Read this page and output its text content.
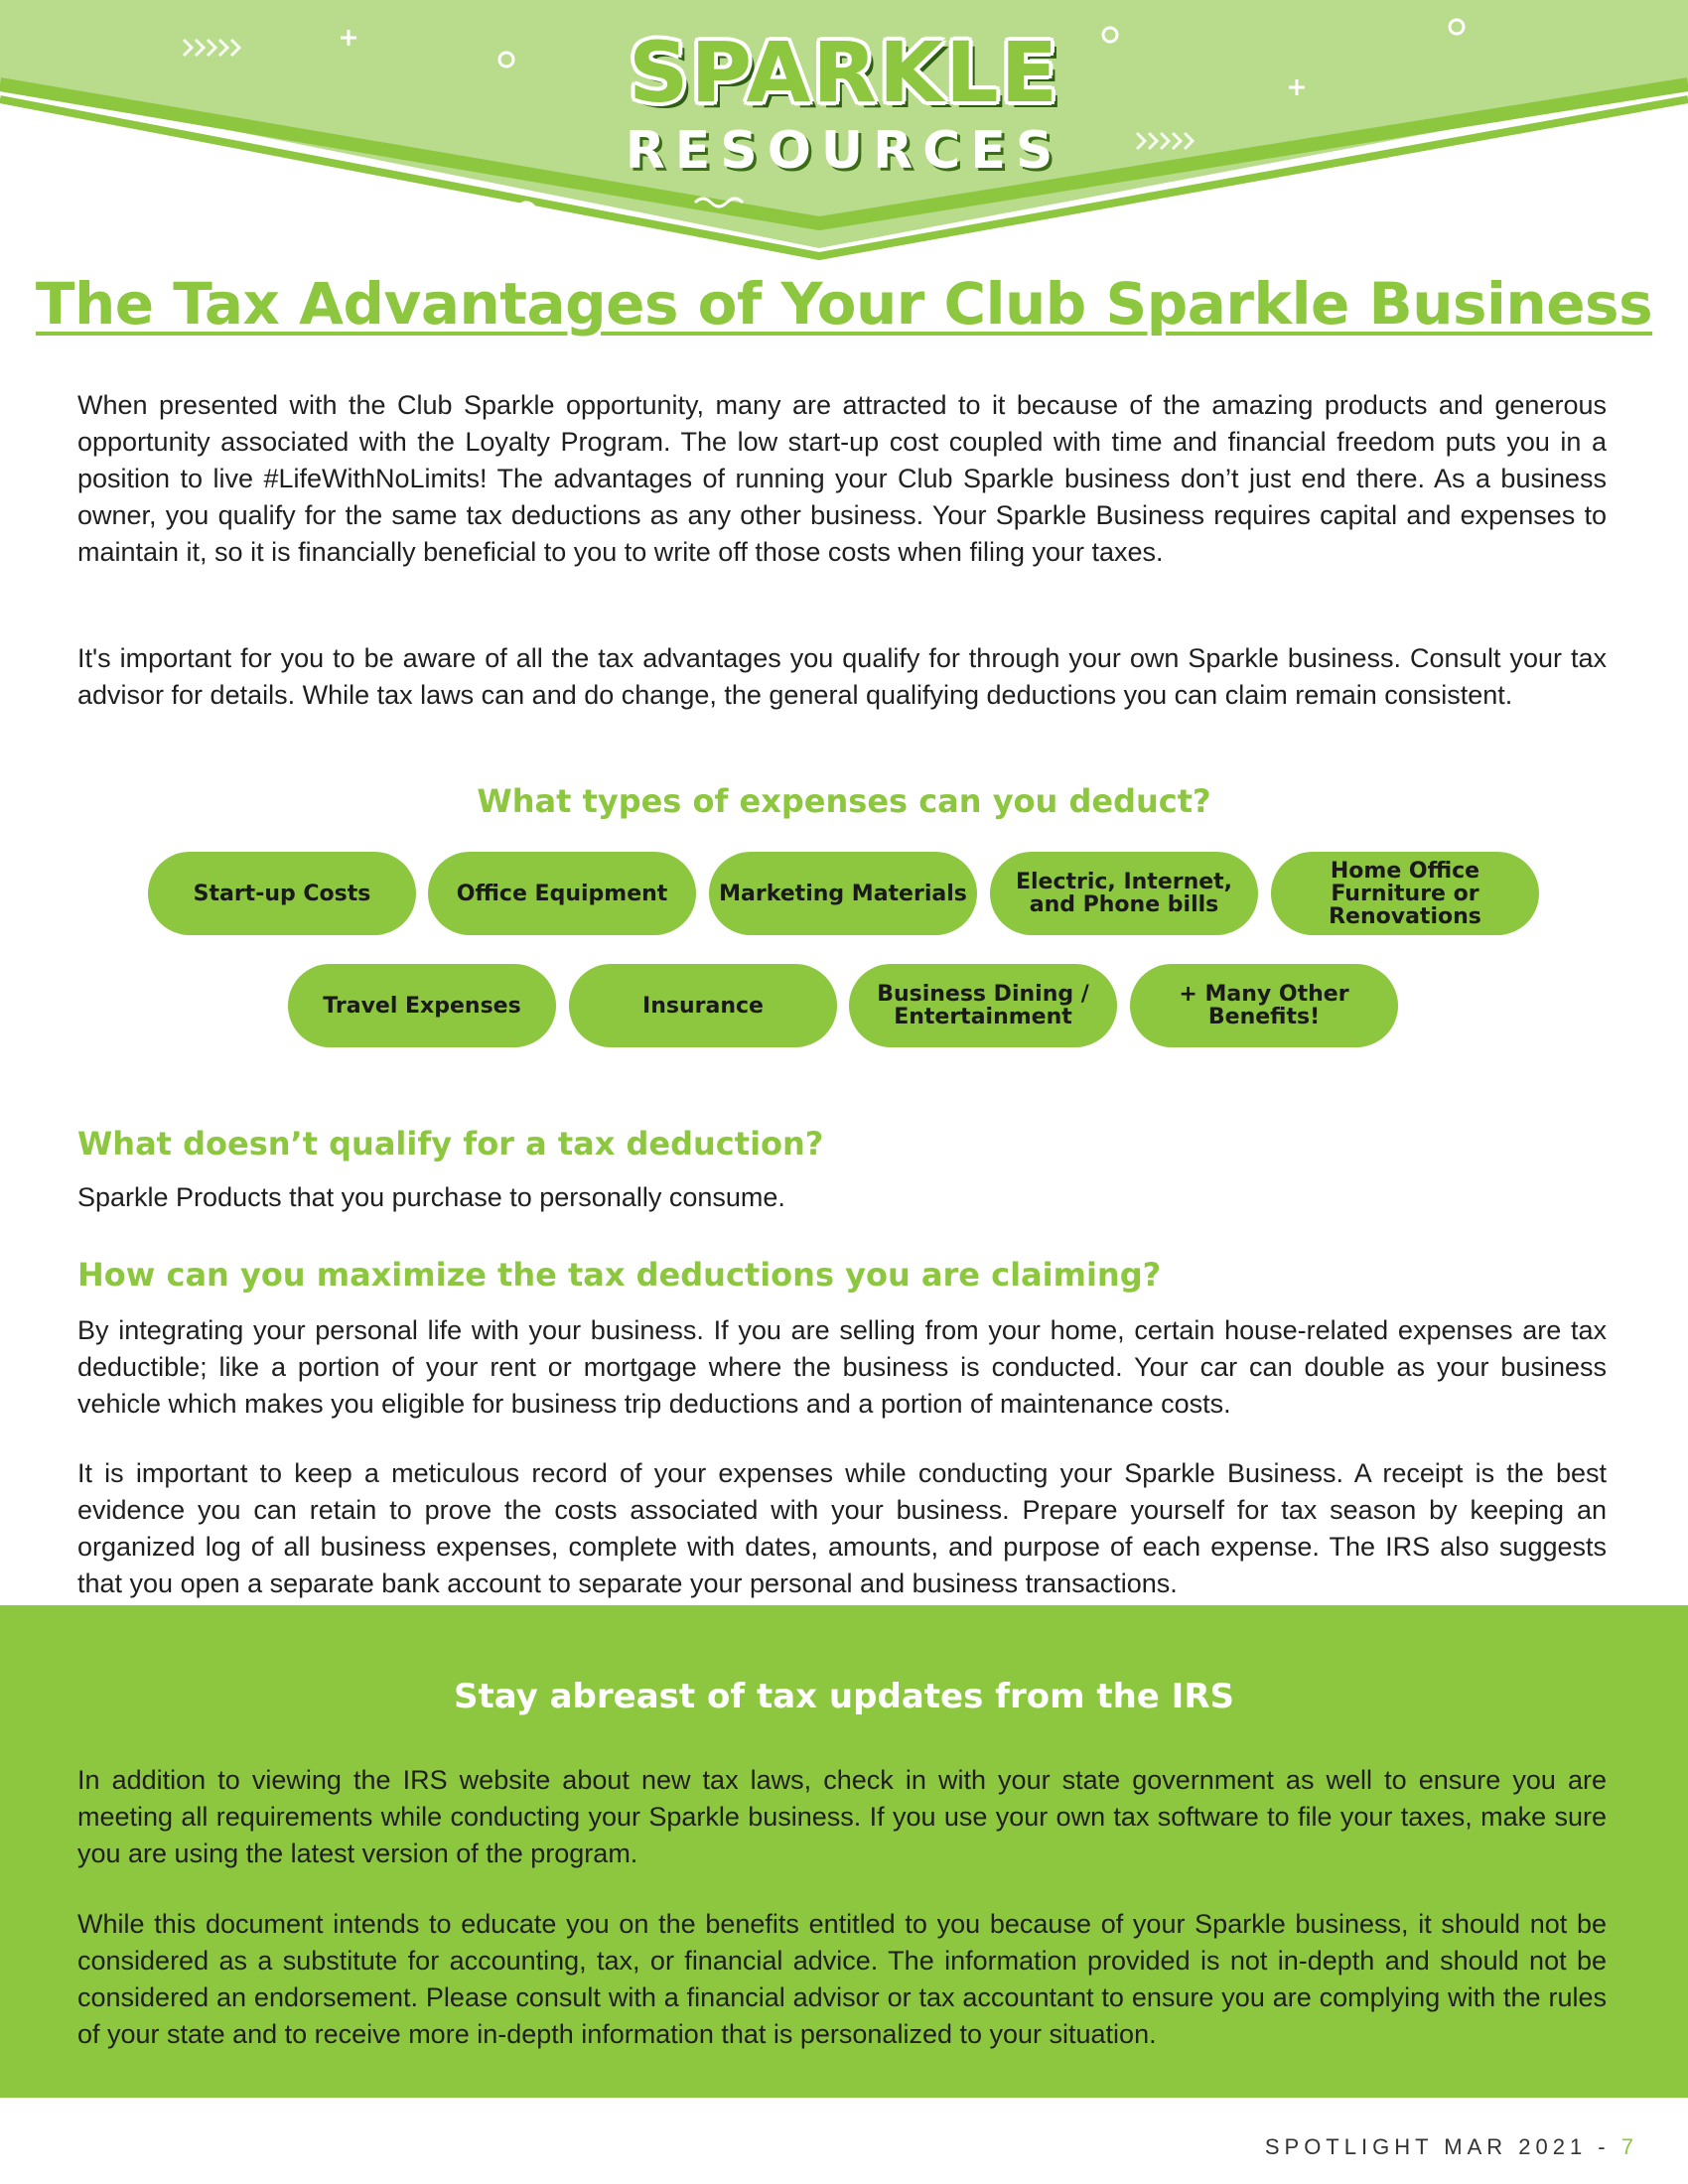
SPARKLE
RESOURCES
The Tax Advantages of Your Club Sparkle Business
When presented with the Club Sparkle opportunity, many are attracted to it because of the amazing products and generous opportunity associated with the Loyalty Program. The low start-up cost coupled with time and financial freedom puts you in a position to live #LifeWithNoLimits! The advantages of running your Club Sparkle business don’t just end there. As a business owner, you qualify for the same tax deductions as any other business. Your Sparkle Business requires capital and expenses to maintain it, so it is financially beneficial to you to write off those costs when filing your taxes.
It's important for you to be aware of all the tax advantages you qualify for through your own Sparkle business. Consult your tax advisor for details. While tax laws can and do change, the general qualifying deductions you can claim remain consistent.
What types of expenses can you deduct?
Start-up Costs	Office Equipment	Marketing Materials	Electric, Internet, and Phone bills
Home Office Furniture or Renovations
Travel Expenses	Insurance	Business Dining / Entertainment
+ Many Other Benefits!
What doesn’t qualify for a tax deduction?
Sparkle Products that you purchase to personally consume.
How can you maximize the tax deductions you are claiming?
By integrating your personal life with your business. If you are selling from your home, certain house-related expenses are tax deductible; like a portion of your rent or mortgage where the business is conducted. Your car can double as your business vehicle which makes you eligible for business trip deductions and a portion of maintenance costs.
It is important to keep a meticulous record of your expenses while conducting your Sparkle Business. A receipt is the best evidence you can retain to prove the costs associated with your business. Prepare yourself for tax season by keeping an organized log of all business expenses, complete with dates, amounts, and purpose of each expense. The IRS also suggests that you open a separate bank account to separate your personal and business transactions.
Stay abreast of tax updates from the IRS
In addition to viewing the IRS website about new tax laws, check in with your state government as well to ensure you are meeting all requirements while conducting your Sparkle business. If you use your own tax software to file your taxes, make sure you are using the latest version of the program.
While this document intends to educate you on the benefits entitled to you because of your Sparkle business, it should not be considered as a substitute for accounting, tax, or financial advice. The information provided is not in-depth and should not be considered an endorsement. Please consult with a financial advisor or tax accountant to ensure you are complying with the rules of your state and to receive more in-depth information that is personalized to your situation.
SPOTLIGHT MAR 2021 - 7
